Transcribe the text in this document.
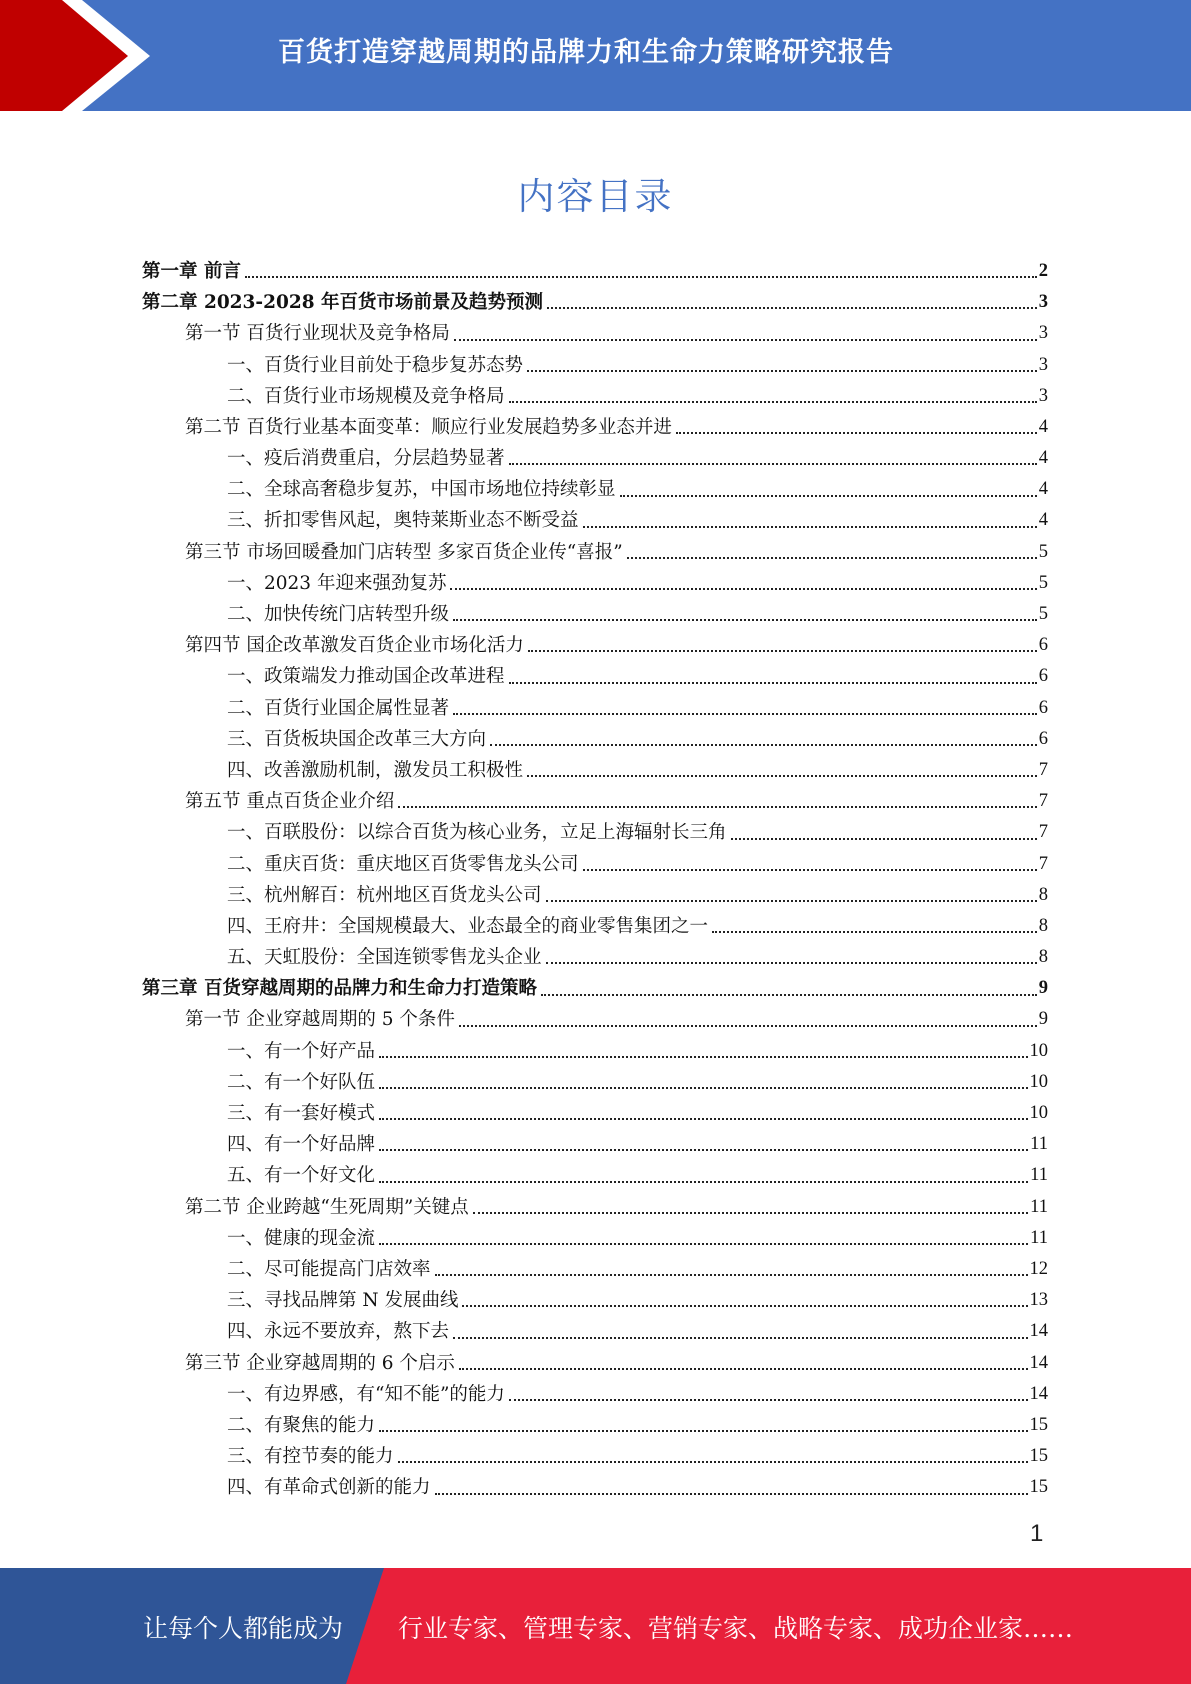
百货打造穿越周期的品牌力和生命力策略研究报告
内容目录
第一章 前言	2
第二章 2023-2028 年百货市场前景及趋势预测	3
第一节 百货行业现状及竞争格局	3
一、百货行业目前处于稳步复苏态势	3
二、百货行业市场规模及竞争格局	3
第二节 百货行业基本面变革：顺应行业发展趋势多业态并进	4
一、疫后消费重启，分层趋势显著	4
二、全球高奢稳步复苏，中国市场地位持续彰显	4
三、折扣零售风起，奥特莱斯业态不断受益	4
第三节 市场回暖叠加门店转型 多家百货企业传“喜报”	5
一、2023 年迎来强劲复苏	5
二、加快传统门店转型升级	5
第四节 国企改革激发百货企业市场化活力	6
一、政策端发力推动国企改革进程	6
二、百货行业国企属性显著	6
三、百货板块国企改革三大方向	6
四、改善激励机制，激发员工积极性	7
第五节 重点百货企业介绍	7
一、百联股份：以综合百货为核心业务，立足上海辐射长三角	7
二、重庆百货：重庆地区百货零售龙头公司	7
三、杭州解百：杭州地区百货龙头公司	8
四、王府井：全国规模最大、业态最全的商业零售集团之一	8
五、天虹股份：全国连锁零售龙头企业	8
第三章 百货穿越周期的品牌力和生命力打造策略	9
第一节 企业穿越周期的 5 个条件	9
一、有一个好产品	10
二、有一个好队伍	10
三、有一套好模式	10
四、有一个好品牌	11
五、有一个好文化	11
第二节 企业跨越“生死周期”关键点	11
一、健康的现金流	11
二、尽可能提高门店效率	12
三、寻找品牌第 N 发展曲线	13
四、永远不要放弃，熬下去	14
第三节 企业穿越周期的 6 个启示	14
一、有边界感，有“知不能”的能力	14
二、有聚焦的能力	15
三、有控节奏的能力	15
四、有革命式创新的能力	15
1
让每个人都能成为 行业专家、管理专家、营销专家、战略专家、成功企业家……
